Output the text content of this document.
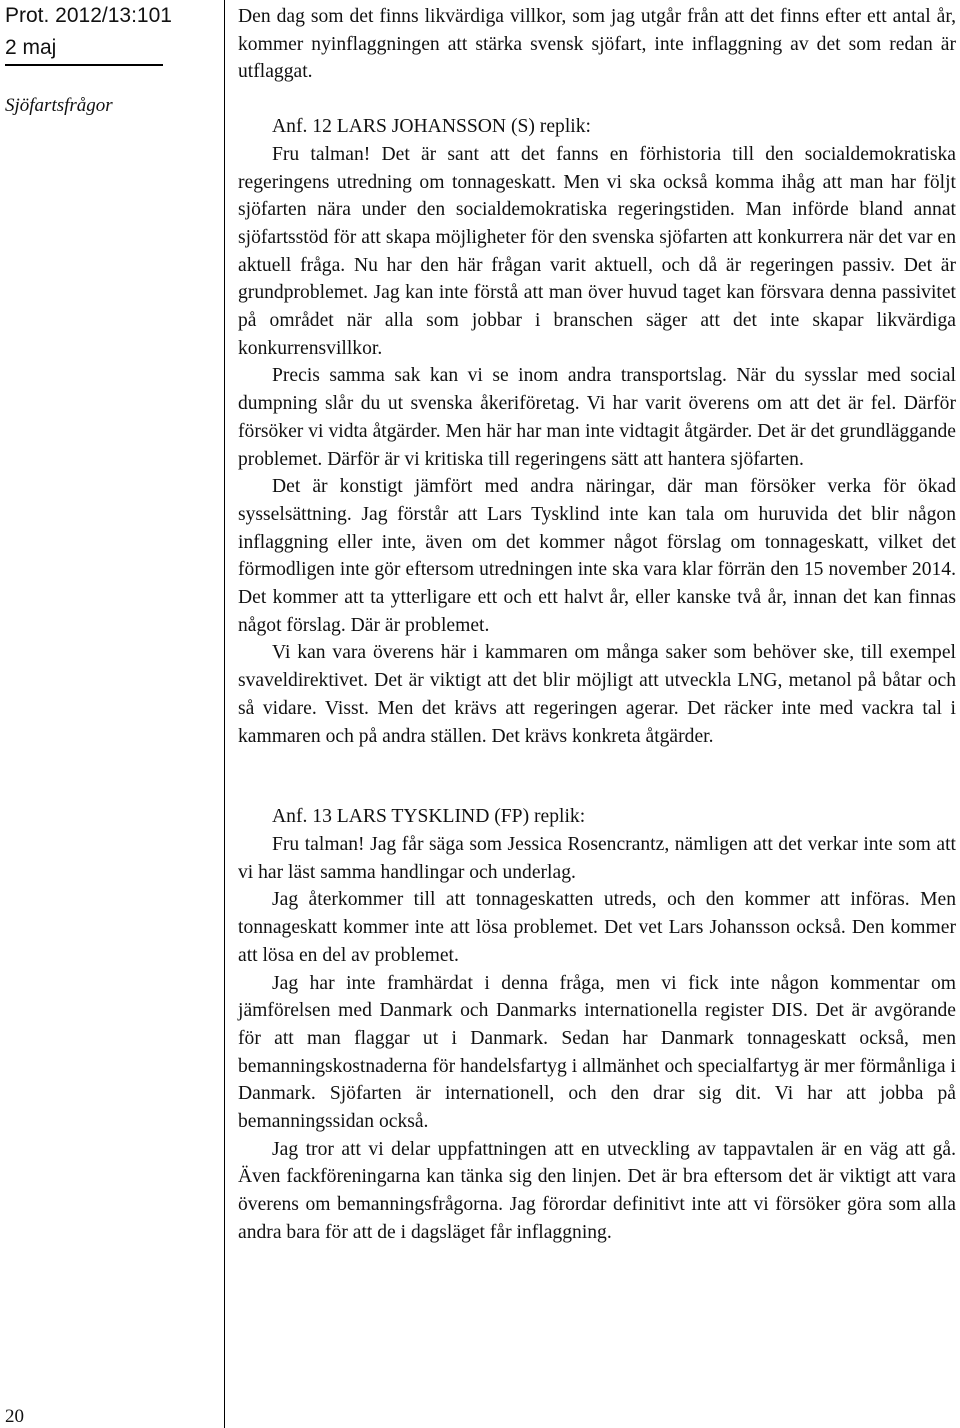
Prot. 2012/13:101

2 maj

Sjöfartsfrågor

20

Den dag som det finns likvärdiga villkor, som jag utgår från att det finns efter ett antal år, kommer nyinflaggningen att stärka svensk sjöfart, inte inflaggning av det som redan är utflaggat.

Anf. 12 LARS JOHANSSON (S) replik:

Fru talman! Det är sant att det fanns en förhistoria till den socialdemokratiska regeringens utredning om tonnageskatt. Men vi ska också komma ihåg att man har följt sjöfarten nära under den socialdemokratiska regeringstiden. Man införde bland annat sjöfartsstöd för att skapa möjligheter för den svenska sjöfarten att konkurrera när det var en aktuell fråga. Nu har den här frågan varit aktuell, och då är regeringen passiv. Det är grundproblemet. Jag kan inte förstå att man över huvud taget kan försvara denna passivitet på området när alla som jobbar i branschen säger att det inte skapar likvärdiga konkurrensvillkor.

Precis samma sak kan vi se inom andra transportslag. När du sysslar med social dumpning slår du ut svenska åkeriföretag. Vi har varit överens om att det är fel. Därför försöker vi vidta åtgärder. Men här har man inte vidtagit åtgärder. Det är det grundläggande problemet. Därför är vi kritiska till regeringens sätt att hantera sjöfarten.

Det är konstigt jämfört med andra näringar, där man försöker verka för ökad sysselsättning. Jag förstår att Lars Tysklind inte kan tala om huruvida det blir någon inflaggning eller inte, även om det kommer något förslag om tonnageskatt, vilket det förmodligen inte gör eftersom utredningen inte ska vara klar förrän den 15 november 2014. Det kommer att ta ytterligare ett och ett halvt år, eller kanske två år, innan det kan finnas något förslag. Där är problemet.

Vi kan vara överens här i kammaren om många saker som behöver ske, till exempel svaveldirektivet. Det är viktigt att det blir möjligt att utveckla LNG, metanol på båtar och så vidare. Visst. Men det krävs att regeringen agerar. Det räcker inte med vackra tal i kammaren och på andra ställen. Det krävs konkreta åtgärder.

Anf. 13 LARS TYSKLIND (FP) replik:

Fru talman! Jag får säga som Jessica Rosencrantz, nämligen att det verkar inte som att vi har läst samma handlingar och underlag.

Jag återkommer till att tonnageskatten utreds, och den kommer att införas. Men tonnageskatt kommer inte att lösa problemet. Det vet Lars Johansson också. Den kommer att lösa en del av problemet.

Jag har inte framhärdat i denna fråga, men vi fick inte någon kommentar om jämförelsen med Danmark och Danmarks internationella register DIS. Det är avgörande för att man flaggar ut i Danmark. Sedan har Danmark tonnageskatt också, men bemanningskostnaderna för handelsfartyg i allmänhet och specialfartyg är mer förmånliga i Danmark. Sjöfarten är internationell, och den drar sig dit. Vi har att jobba på bemanningssidan också.

Jag tror att vi delar uppfattningen att en utveckling av tappavtalen är en väg att gå. Även fackföreningarna kan tänka sig den linjen. Det är bra eftersom det är viktigt att vara överens om bemanningsfrågorna. Jag förordar definitivt inte att vi försöker göra som alla andra bara för att de i dagsläget får inflaggning.
